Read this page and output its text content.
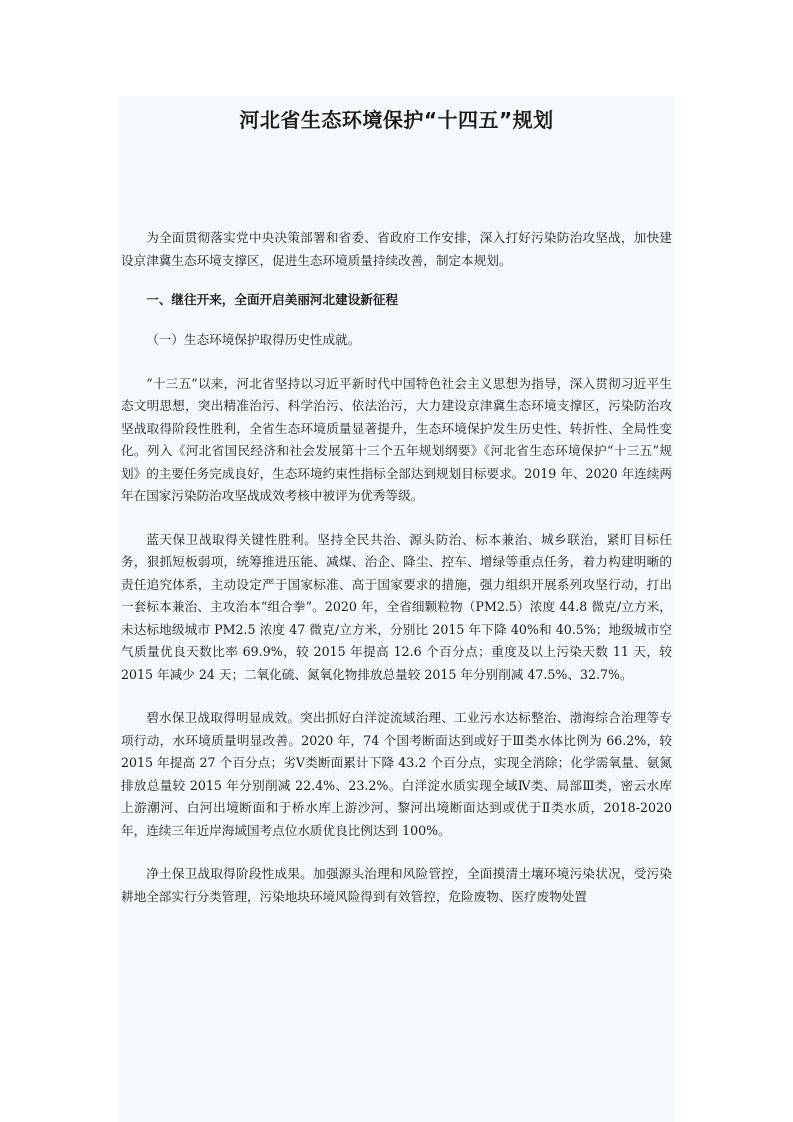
河北省生态环境保护“十四五”规划

为全面贯彻落实党中央决策部署和省委、省政府工作安排，深入打好污染防治攻坚战，加快建设京津冀生态环境支撑区，促进生态环境质量持续改善，制定本规划。

一、继往开来，全面开启美丽河北建设新征程

（一）生态环境保护取得历史性成就。

“十三五”以来，河北省坚持以习近平新时代中国特色社会主义思想为指导，深入贯彻习近平生态文明思想，突出精准治污、科学治污、依法治污，大力建设京津冀生态环境支撑区，污染防治攻坚战取得阶段性胜利，全省生态环境质量显著提升，生态环境保护发生历史性、转折性、全局性变化。列入《河北省国民经济和社会发展第十三个五年规划纲要》《河北省生态环境保护“十三五”规划》的主要任务完成良好，生态环境约束性指标全部达到规划目标要求。2019 年、2020 年连续两年在国家污染防治攻坚战成效考核中被评为优秀等级。

蓝天保卫战取得关键性胜利。坚持全民共治、源头防治、标本兼治、城乡联治，紧盯目标任务，狠抓短板弱项，统筹推进压能、减煤、治企、降尘、控车、增绿等重点任务，着力构建明晰的责任追究体系，主动设定严于国家标准、高于国家要求的措施，强力组织开展系列攻坚行动，打出一套标本兼治、主攻治本“组合拳”。2020 年，全省细颗粒物（PM2.5）浓度 44.8 微克/立方米，未达标地级城市 PM2.5 浓度 47 微克/立方米，分别比 2015 年下降 40%和 40.5%；地级城市空气质量优良天数比率 69.9%，较 2015 年提高 12.6 个百分点；重度及以上污染天数 11 天，较 2015 年减少 24 天；二氧化硫、氮氧化物排放总量较 2015 年分别削减 47.5%、32.7%。

碧水保卫战取得明显成效。突出抓好白洋淀流域治理、工业污水达标整治、渤海综合治理等专项行动，水环境质量明显改善。2020 年，74 个国考断面达到或好于Ⅲ类水体比例为 66.2%，较 2015 年提高 27 个百分点；劣Ⅴ类断面累计下降 43.2 个百分点，实现全消除；化学需氧量、氨氮排放总量较 2015 年分别削减 22.4%、23.2%。白洋淀水质实现全域Ⅳ类、局部Ⅲ类，密云水库上游潮河、白河出境断面和于桥水库上游沙河、黎河出境断面达到或优于Ⅱ类水质，2018-2020 年，连续三年近岸海域国考点位水质优良比例达到 100%。

净土保卫战取得阶段性成果。加强源头治理和风险管控，全面摸清土壤环境污染状况，受污染耕地全部实行分类管理，污染地块环境风险得到有效管控，危险废物、医疗废物处置
